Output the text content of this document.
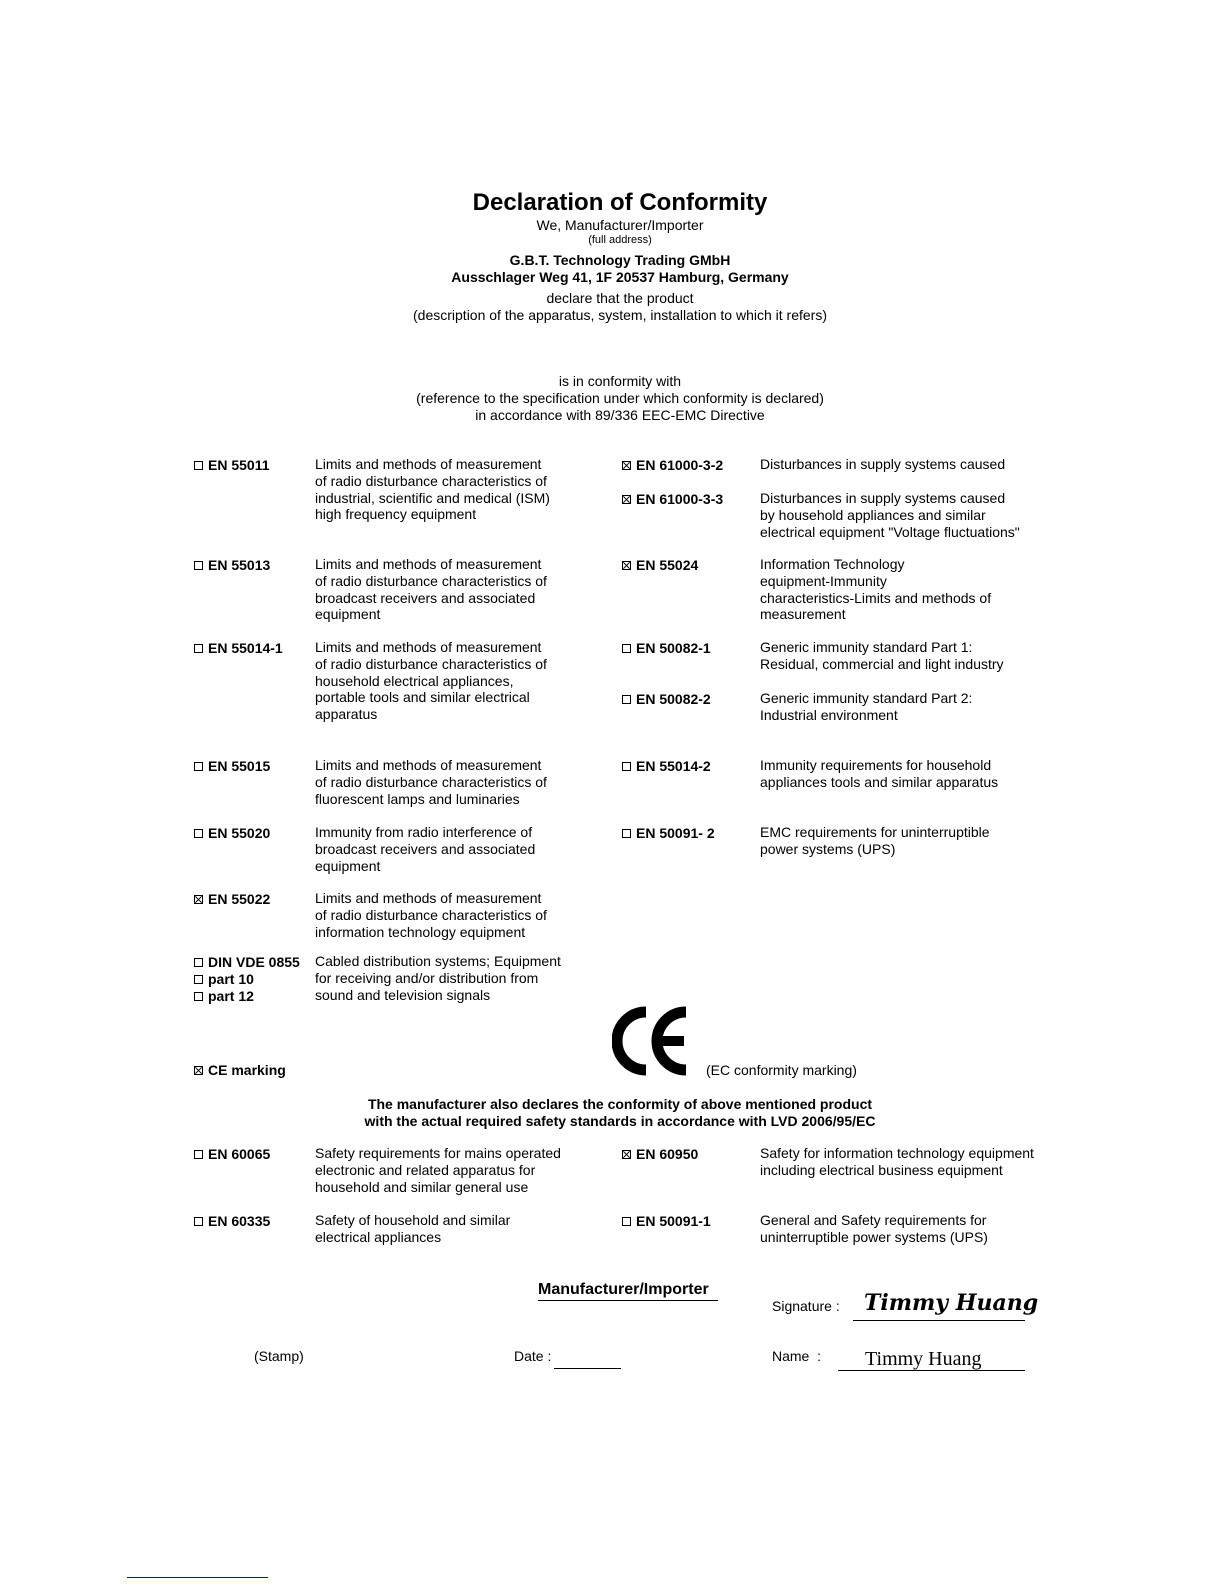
Declaration of Conformity
We, Manufacturer/Importer
(full address)
G.B.T. Technology Trading GMbH
Ausschlager Weg 41, 1F 20537 Hamburg, Germany
declare that the product
(description of the apparatus, system, installation to which it refers)
is in conformity with
(reference to the specification under which conformity is declared)
in accordance with 89/336 EEC-EMC Directive
EN 55011	Limits and methods of measurement
of radio disturbance characteristics of
industrial, scientific and medical (ISM)
high frequency equipment
EN 55013	Limits and methods of measurement
of radio disturbance characteristics of
broadcast receivers and associated
equipment
EN 55014-1 Limits and methods of measurement
of radio disturbance characteristics of
household electrical appliances,
portable tools and similar electrical
apparatus
EN 55015	Limits and methods of measurement
of radio disturbance characteristics of
fluorescent lamps and luminaries
EN 55020	Immunity from radio interference of
broadcast receivers and associated
equipment
EN 55022	Limits and methods of measurement
of radio disturbance characteristics of
information technology equipment
EN 61000-3-2	Disturbances in supply systems caused
EN 61000-3-3	Disturbances in supply systems caused
by household appliances and similar
electrical equipment "Voltage fluctuations"
EN 55024	Information Technology
equipment-Immunity
characteristics-Limits and methods of
measurement
EN 50082-1	Generic immunity standard Part 1:
Residual, commercial and light industry
EN 50082-2	Generic immunity standard Part 2:
Industrial environment
EN 55014-2	Immunity requirements for household
appliances tools and similar apparatus
EN 50091- 2	EMC requirements for uninterruptible
power systems (UPS)
DIN VDE 0855
part 10
part 12
Cabled distribution systems; Equipment
for receiving and/or distribution from
sound and television signals
CE marking	(EC conformity marking)
The manufacturer also declares the conformity of above mentioned product
with the actual required safety standards in accordance with LVD 2006/95/EC
EN 60065	Safety requirements for mains operated
electronic and related apparatus for
household and similar general use
EN 60335	Safety of household and similar
electrical appliances
EN 60950	Safety for information technology equipment
including electrical business equipment
EN 50091-1	General and Safety requirements for
uninterruptible power systems (UPS)
Manufacturer/Importer
Signature : Timmy Huang
(Stamp)	Date :	Name  : Timmy Huang
